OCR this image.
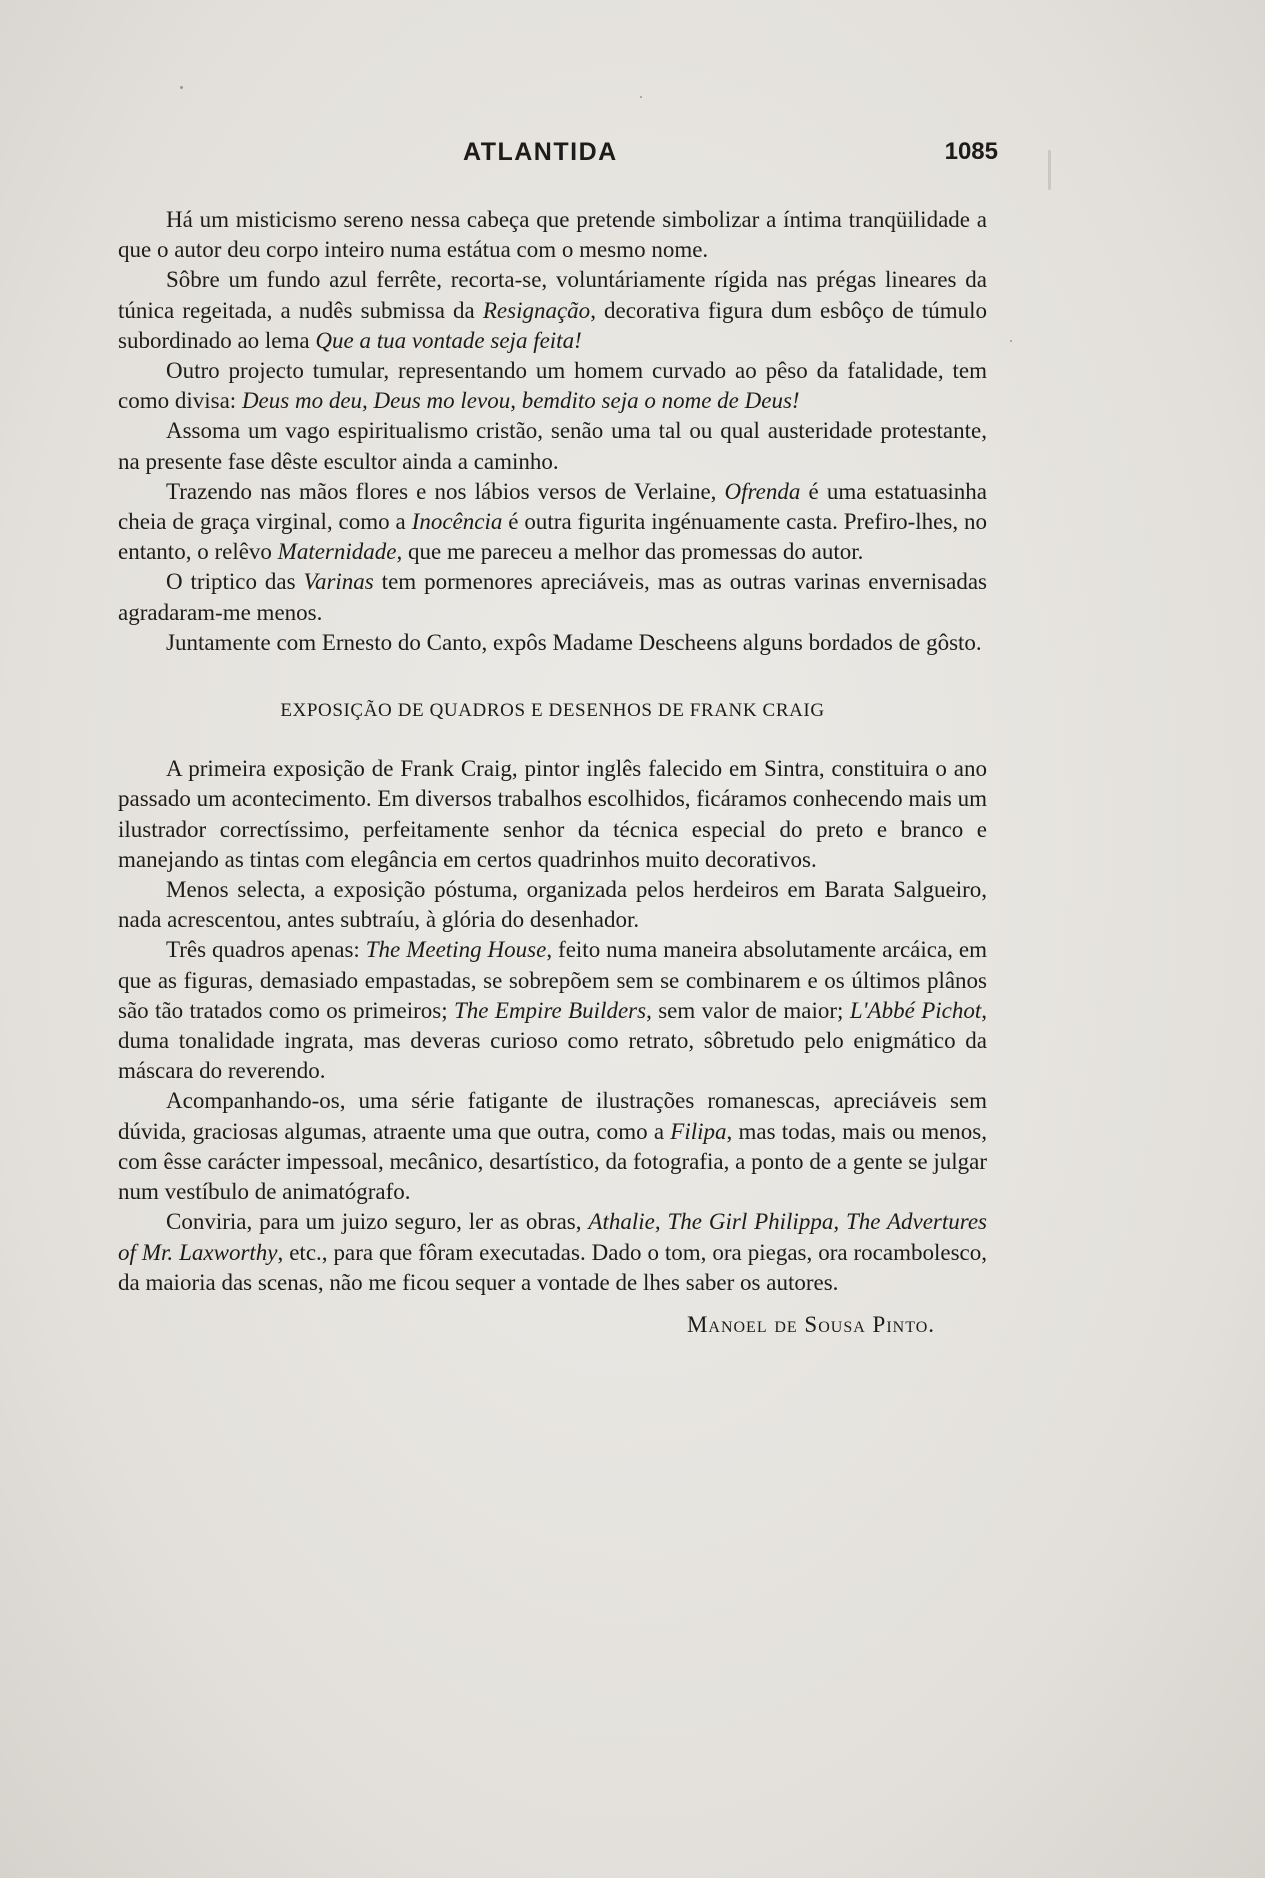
ATLANTIDA	1085

Há um misticismo sereno nessa cabeça que pretende simbolizar a íntima tranqüilidade a que o autor deu corpo inteiro numa estátua com o mesmo nome.

Sôbre um fundo azul ferrête, recorta-se, voluntáriamente rígida nas prégas lineares da túnica regeitada, a nudês submissa da Resignação, decorativa figura dum esbôço de túmulo subordinado ao lema Que a tua vontade seja feita!

Outro projecto tumular, representando um homem curvado ao pêso da fatalidade, tem como divisa: Deus mo deu, Deus mo levou, bemdito seja o nome de Deus!

Assoma um vago espiritualismo cristão, senão uma tal ou qual austeridade protestante, na presente fase dêste escultor ainda a caminho.

Trazendo nas mãos flores e nos lábios versos de Verlaine, Ofrenda é uma estatuasinha cheia de graça virginal, como a Inocência é outra figurita ingénuamente casta. Prefiro-lhes, no entanto, o relêvo Maternidade, que me pareceu a melhor das promessas do autor.

O triptico das Varinas tem pormenores apreciáveis, mas as outras varinas envernisadas agradaram-me menos.

Juntamente com Ernesto do Canto, expôs Madame Descheens alguns bordados de gôsto.

EXPOSIÇÃO DE QUADROS E DESENHOS DE FRANK CRAIG

A primeira exposição de Frank Craig, pintor inglês falecido em Sintra, constituira o ano passado um acontecimento. Em diversos trabalhos escolhidos, ficáramos conhecendo mais um ilustrador correctíssimo, perfeitamente senhor da técnica especial do preto e branco e manejando as tintas com elegância em certos quadrinhos muito decorativos.

Menos selecta, a exposição póstuma, organizada pelos herdeiros em Barata Salgueiro, nada acrescentou, antes subtraíu, à glória do desenhador.

Três quadros apenas: The Meeting House, feito numa maneira absolutamente arcáica, em que as figuras, demasiado empastadas, se sobrepõem sem se combinarem e os últimos plânos são tão tratados como os primeiros; The Empire Builders, sem valor de maior; L'Abbé Pichot, duma tonalidade ingrata, mas deveras curioso como retrato, sôbretudo pelo enigmático da máscara do reverendo.

Acompanhando-os, uma série fatigante de ilustrações romanescas, apreciáveis sem dúvida, graciosas algumas, atraente uma que outra, como a Filipa, mas todas, mais ou menos, com êsse carácter impessoal, mecânico, desartístico, da fotografia, a ponto de a gente se julgar num vestíbulo de animatógrafo.

Conviria, para um juizo seguro, ler as obras, Athalie, The Girl Philippa, The Advertures of Mr. Laxworthy, etc., para que fôram executadas. Dado o tom, ora piegas, ora rocambolesco, da maioria das scenas, não me ficou sequer a vontade de lhes saber os autores.

Manoel de Sousa Pinto.
